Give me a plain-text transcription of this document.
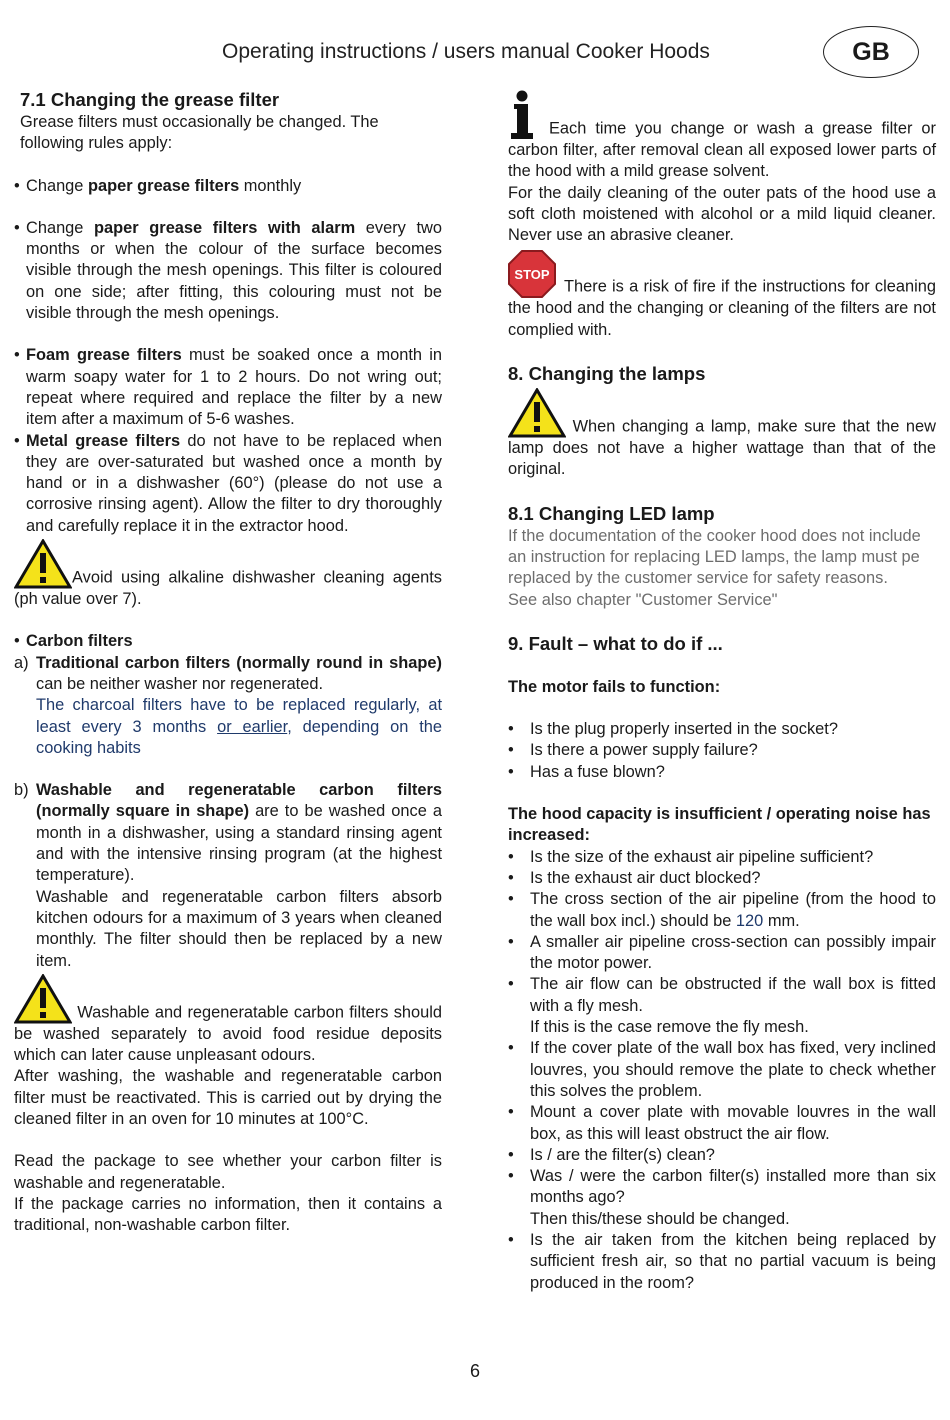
Operating instructions / users manual Cooker Hoods	GB

7.1 Changing the grease filter

Grease filters must occasionally be changed. The following rules apply:

• Change paper grease filters monthly
• Change paper grease filters with alarm every two months or when the colour of the surface becomes visible through the mesh openings. This filter is coloured on one side; after fitting, this colouring must not be visible through the mesh openings.
• Foam grease filters must be soaked once a month in warm soapy water for 1 to 2 hours. Do not wring out; repeat where required and replace the filter by a new item after a maximum of 5-6 washes.
• Metal grease filters do not have to be replaced when they are over-saturated but washed once a month by hand or in a dishwasher (60°) (please do not use a corrosive rinsing agent). Allow the filter to dry thoroughly and carefully replace it in the extractor hood.

Avoid using alkaline dishwasher cleaning agents (ph value over 7).

• Carbon filters
a) Traditional carbon filters (normally round in shape) can be neither washer nor regenerated.
The charcoal filters have to be replaced regularly, at least every 3 months or earlier, depending on the cooking habits
b) Washable and regeneratable carbon filters (normally square in shape) are to be washed once a month in a dishwasher, using a standard rinsing agent and with the intensive rinsing program (at the highest temperature).
Washable and regeneratable carbon filters absorb kitchen odours for a maximum of 3 years when cleaned monthly. The filter should then be replaced by a new item.

Washable and regeneratable carbon filters should be washed separately to avoid food residue deposits which can later cause unpleasant odours.

After washing, the washable and regeneratable carbon filter must be reactivated. This is carried out by drying the cleaned filter in an oven for 10 minutes at 100°C.

Read the package to see whether your carbon filter is washable and regeneratable.

If the package carries no information, then it contains a traditional, non-washable carbon filter.

Each time you change or wash a grease filter or carbon filter, after removal clean all exposed lower parts of the hood with a mild grease solvent.

For the daily cleaning of the outer pats of the hood use a soft cloth moistened with alcohol or a mild liquid cleaner. Never use an abrasive cleaner.

STOP
There is a risk of fire if the instructions for cleaning the hood and the changing or cleaning of the filters are not complied with.

8. Changing the lamps

When changing a lamp, make sure that the new lamp does not have a higher wattage than that of the original.

8.1 Changing LED lamp

If the documentation of the cooker hood does not include an instruction for replacing LED lamps, the lamp must pe replaced by the customer service for safety reasons.

See also chapter "Customer Service"

9. Fault – what to do if ...

The motor fails to function:

• Is the plug properly inserted in the socket?
• Is there a power supply failure?
• Has a fuse blown?

The hood capacity is insufficient / operating noise has increased:

• Is the size of the exhaust air pipeline sufficient?
• Is the exhaust air duct blocked?
• The cross section of the air pipeline (from the hood to the wall box incl.) should be 120 mm.
• A smaller air pipeline cross-section can possibly impair the motor power.
• The air flow can be obstructed if the wall box is fitted with a fly mesh.
If this is the case remove the fly mesh.
• If the cover plate of the wall box has fixed, very inclined louvres, you should remove the plate to check whether this solves the problem.
• Mount a cover plate with movable louvres in the wall box, as this will least obstruct the air flow.
• Is / are the filter(s) clean?
• Was / were the carbon filter(s) installed more than six months ago?
Then this/these should be changed.
• Is the air taken from the kitchen being replaced by sufficient fresh air, so that no partial vacuum is being produced in the room?
6
